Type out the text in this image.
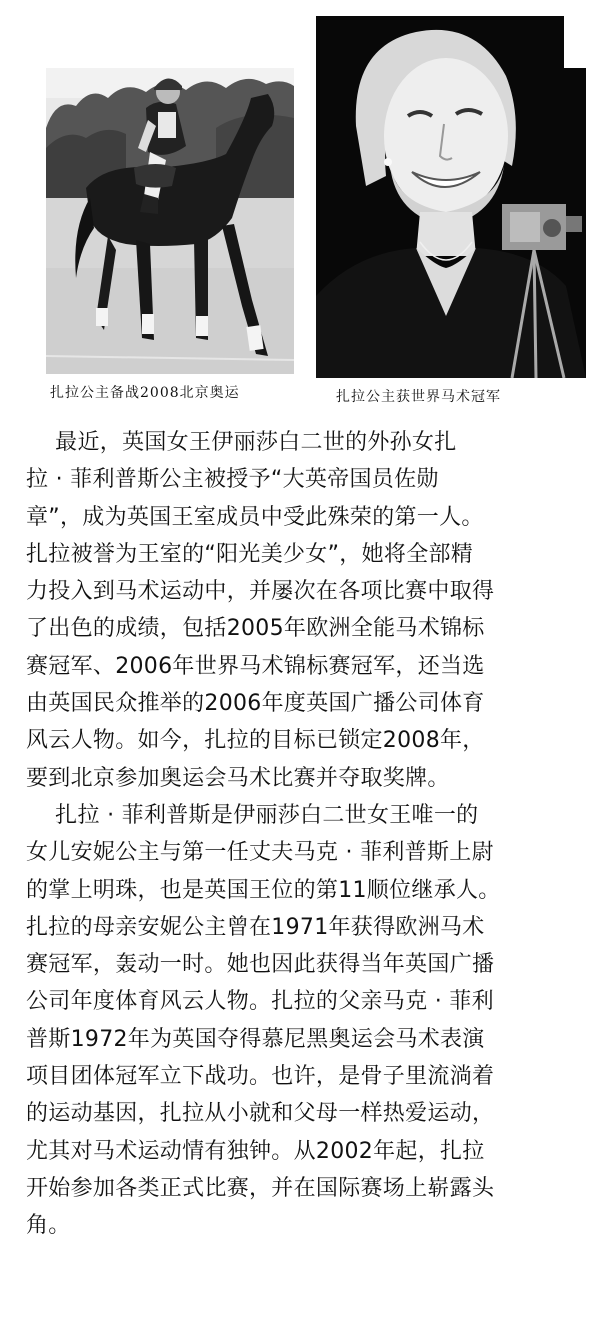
扎拉公主备战2008北京奥运	扎拉公主获世界马术冠军
最近，英国女王伊丽莎白二世的外孙女扎
拉 · 菲利普斯公主被授予“大英帝国员佐勋
章”，成为英国王室成员中受此殊荣的第一人。
扎拉被誉为王室的“阳光美少女”，她将全部精
力投入到马术运动中，并屡次在各项比赛中取得
了出色的成绩，包括2005年欧洲全能马术锦标
赛冠军、2006年世界马术锦标赛冠军，还当选
由英国民众推举的2006年度英国广播公司体育
风云人物。如今，扎拉的目标已锁定2008年，
要到北京参加奥运会马术比赛并夺取奖牌。
扎拉 · 菲利普斯是伊丽莎白二世女王唯一的
女儿安妮公主与第一任丈夫马克 · 菲利普斯上尉
的掌上明珠，也是英国王位的第11顺位继承人。
扎拉的母亲安妮公主曾在1971年获得欧洲马术
赛冠军，轰动一时。她也因此获得当年英国广播
公司年度体育风云人物。扎拉的父亲马克 · 菲利
普斯1972年为英国夺得慕尼黑奥运会马术表演
项目团体冠军立下战功。也许，是骨子里流淌着
的运动基因，扎拉从小就和父母一样热爱运动，
尤其对马术运动情有独钟。从2002年起，扎拉
开始参加各类正式比赛，并在国际赛场上崭露头
角。
